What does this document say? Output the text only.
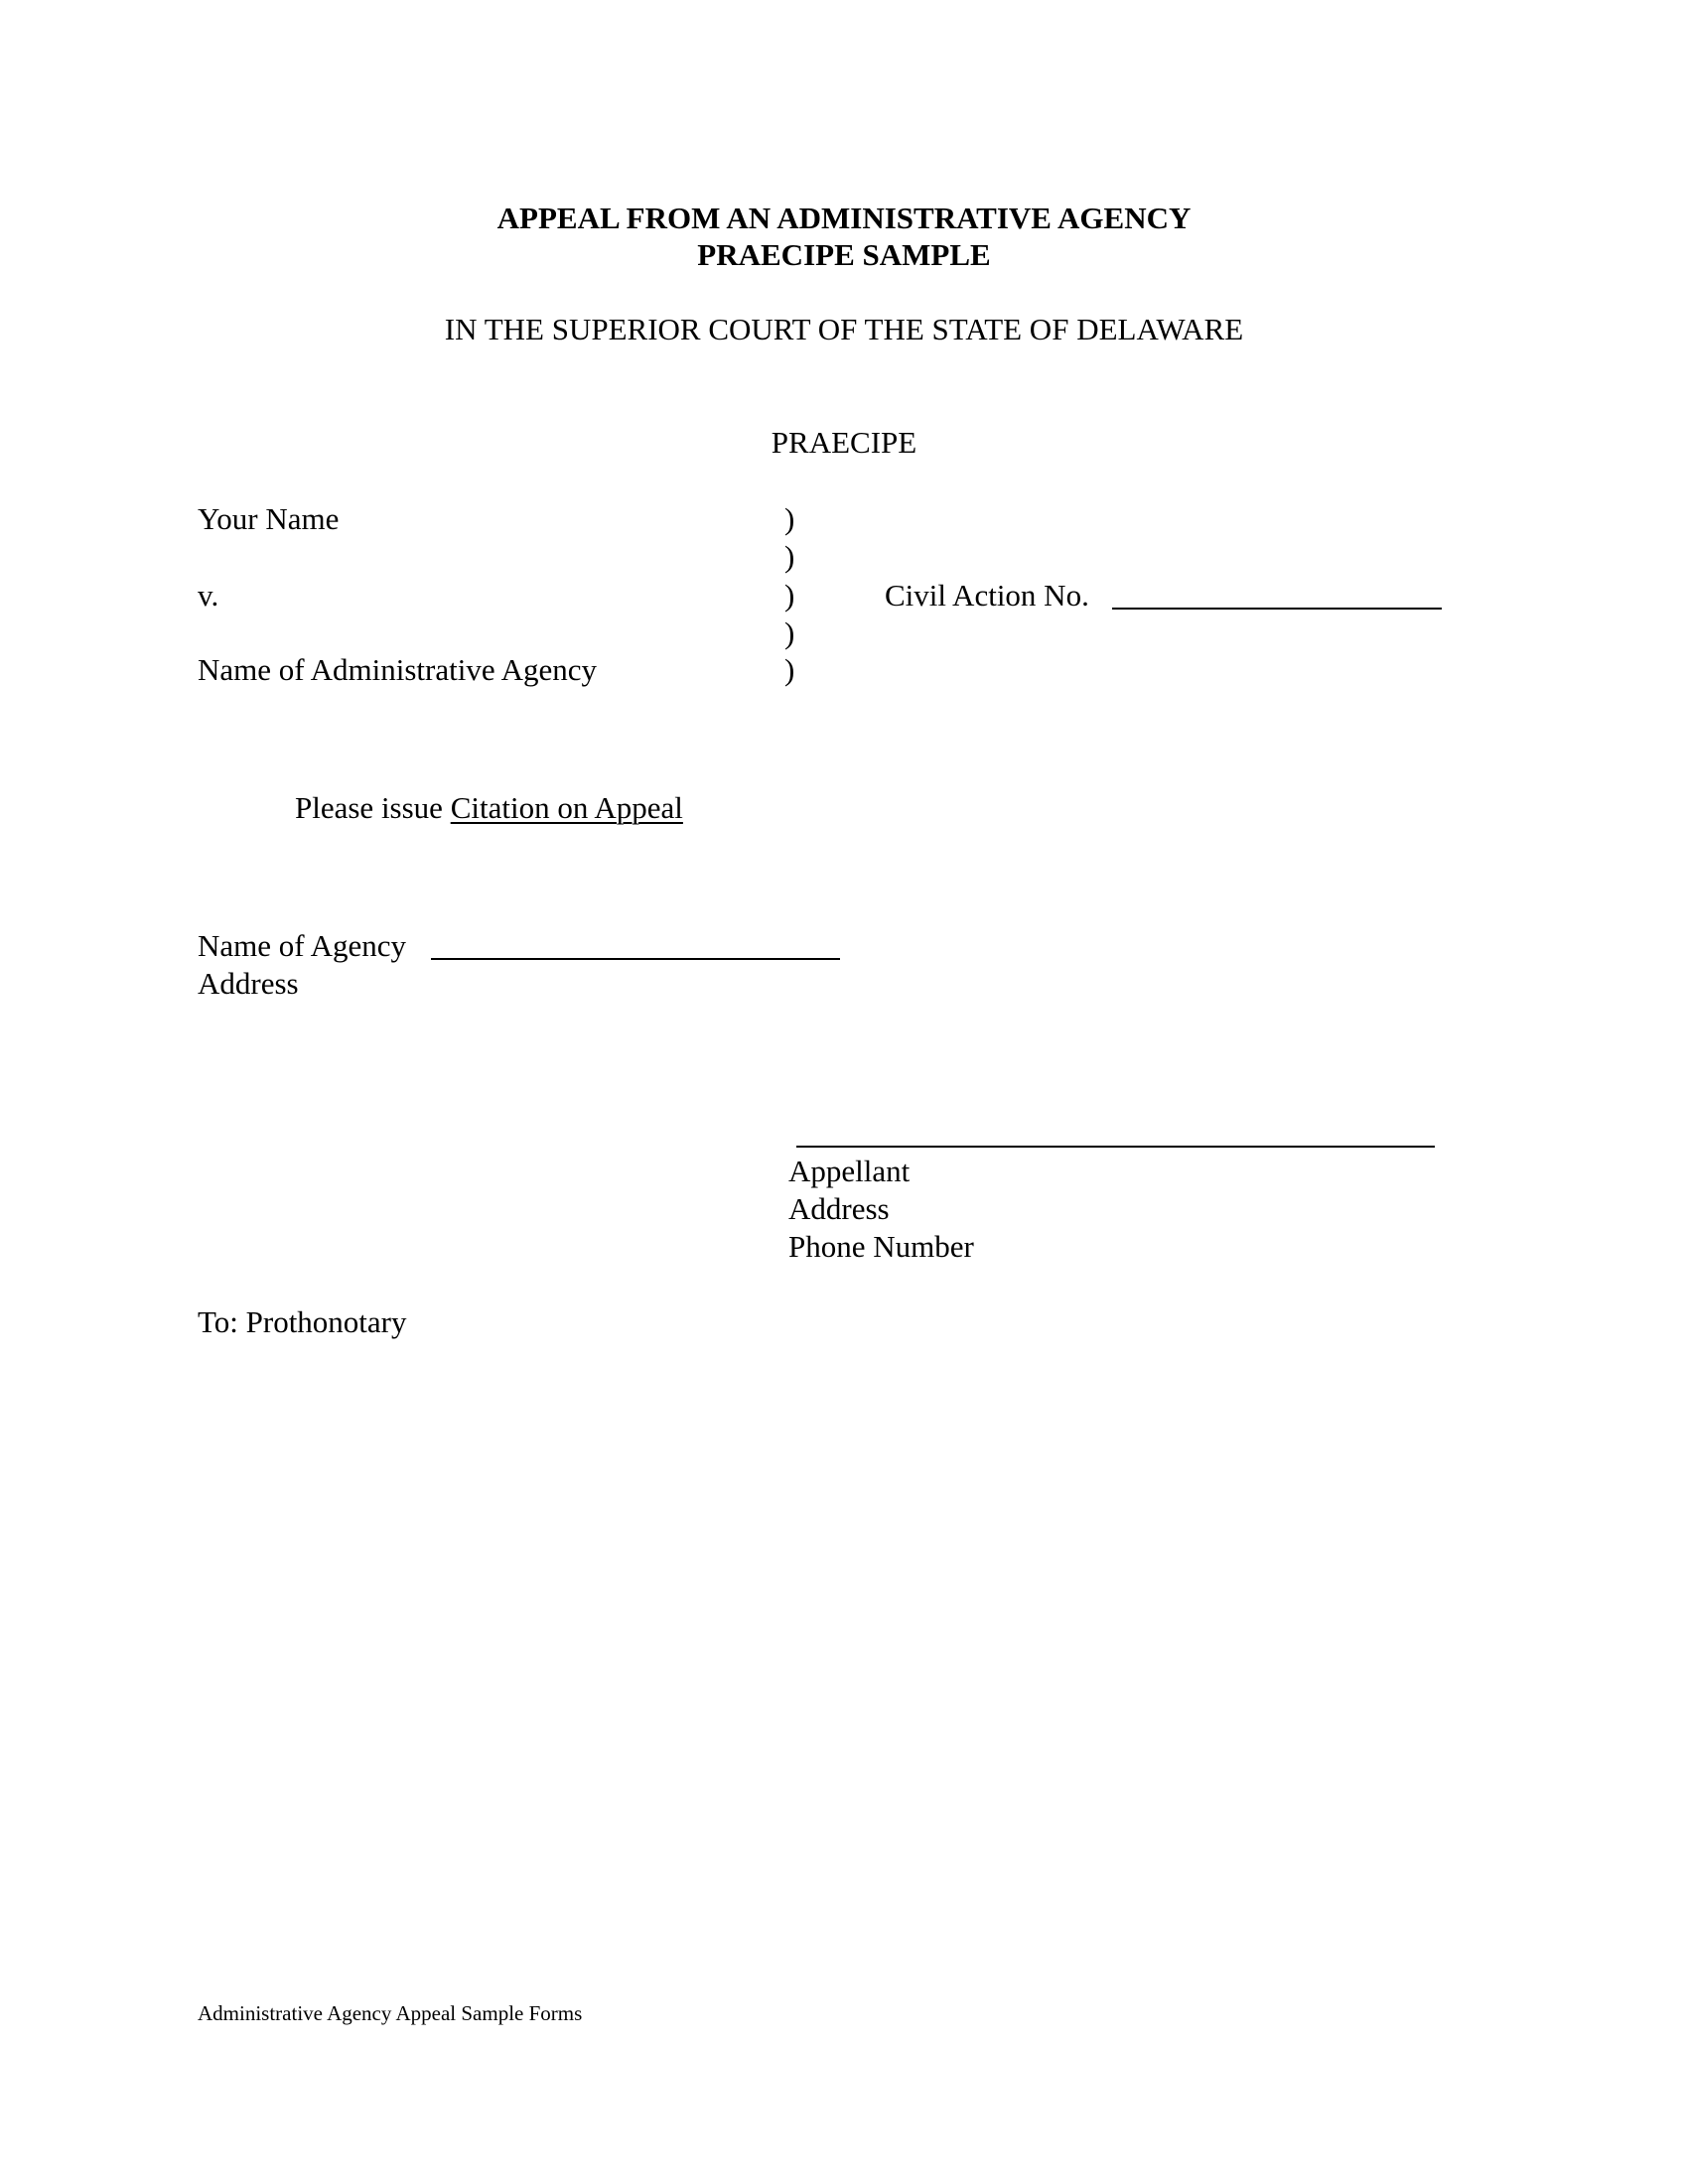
APPEAL FROM AN ADMINISTRATIVE AGENCY
PRAECIPE SAMPLE
IN THE SUPERIOR COURT OF THE STATE OF DELAWARE
PRAECIPE
Your Name
v.
Name of Administrative Agency
)
)
)
)
)
Civil Action No.
Please issue Citation on Appeal
Name of Agency
Address
Appellant
Address
Phone Number
To: Prothonotary
Administrative Agency Appeal Sample Forms
